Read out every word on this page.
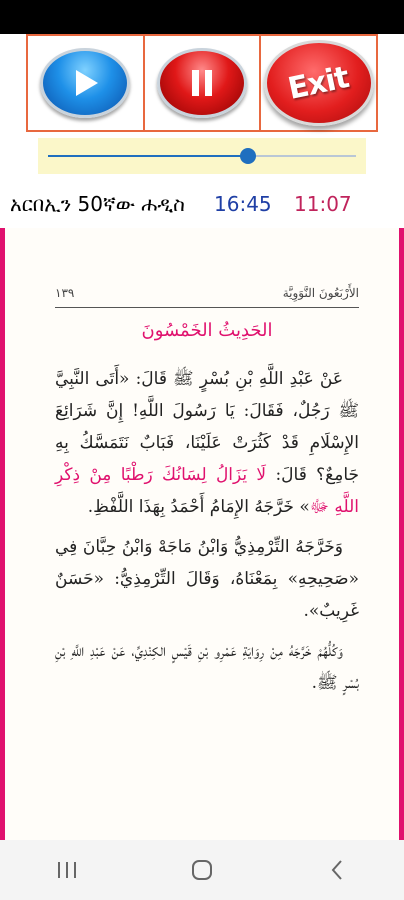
Exit
አርበኢን 50ኛው ሐዲስ 16:45 11:07
١٣٩	الأَرْبَعُونَ النَّوَوِيَّة
الحَدِيثُ الخَمْسُونَ

عَنْ عَبْدِ اللَّهِ بْنِ بُسْرٍ ﷺ قَالَ: «أَتَى النَّبِيَّ ﷺ رَجُلٌ، فَقَالَ: يَا رَسُولَ اللَّهِ! إِنَّ شَرَائِعَ الإِسْلَامِ قَدْ كَثُرَتْ عَلَيْنَا، فَبَابٌ نَتَمَسَّكُ بِهِ جَامِعٌ؟ قَالَ: لَا يَزَالُ لِسَانُكَ رَطْبًا مِنْ ذِكْرِ اللَّهِ ﷻ» خَرَّجَهُ الإِمَامُ أَحْمَدُ بِهَذَا اللَّفْظِ.

وَخَرَّجَهُ التِّرْمِذِيُّ وَابْنُ مَاجَهْ وَابْنُ حِبَّانَ فِي «صَحِيحِهِ» بِمَعْنَاهُ، وَقَالَ التِّرْمِذِيُّ: «حَسَنٌ غَرِيبٌ».

وَكُلُّهُمْ خَرَّجَهُ مِنْ رِوَايَةِ عَمْرِو بْنِ قَيْسٍ الكِنْدِيِّ، عَنْ عَبْدِ اللَّهِ بْنِ بُسْرٍ ﷺ.
